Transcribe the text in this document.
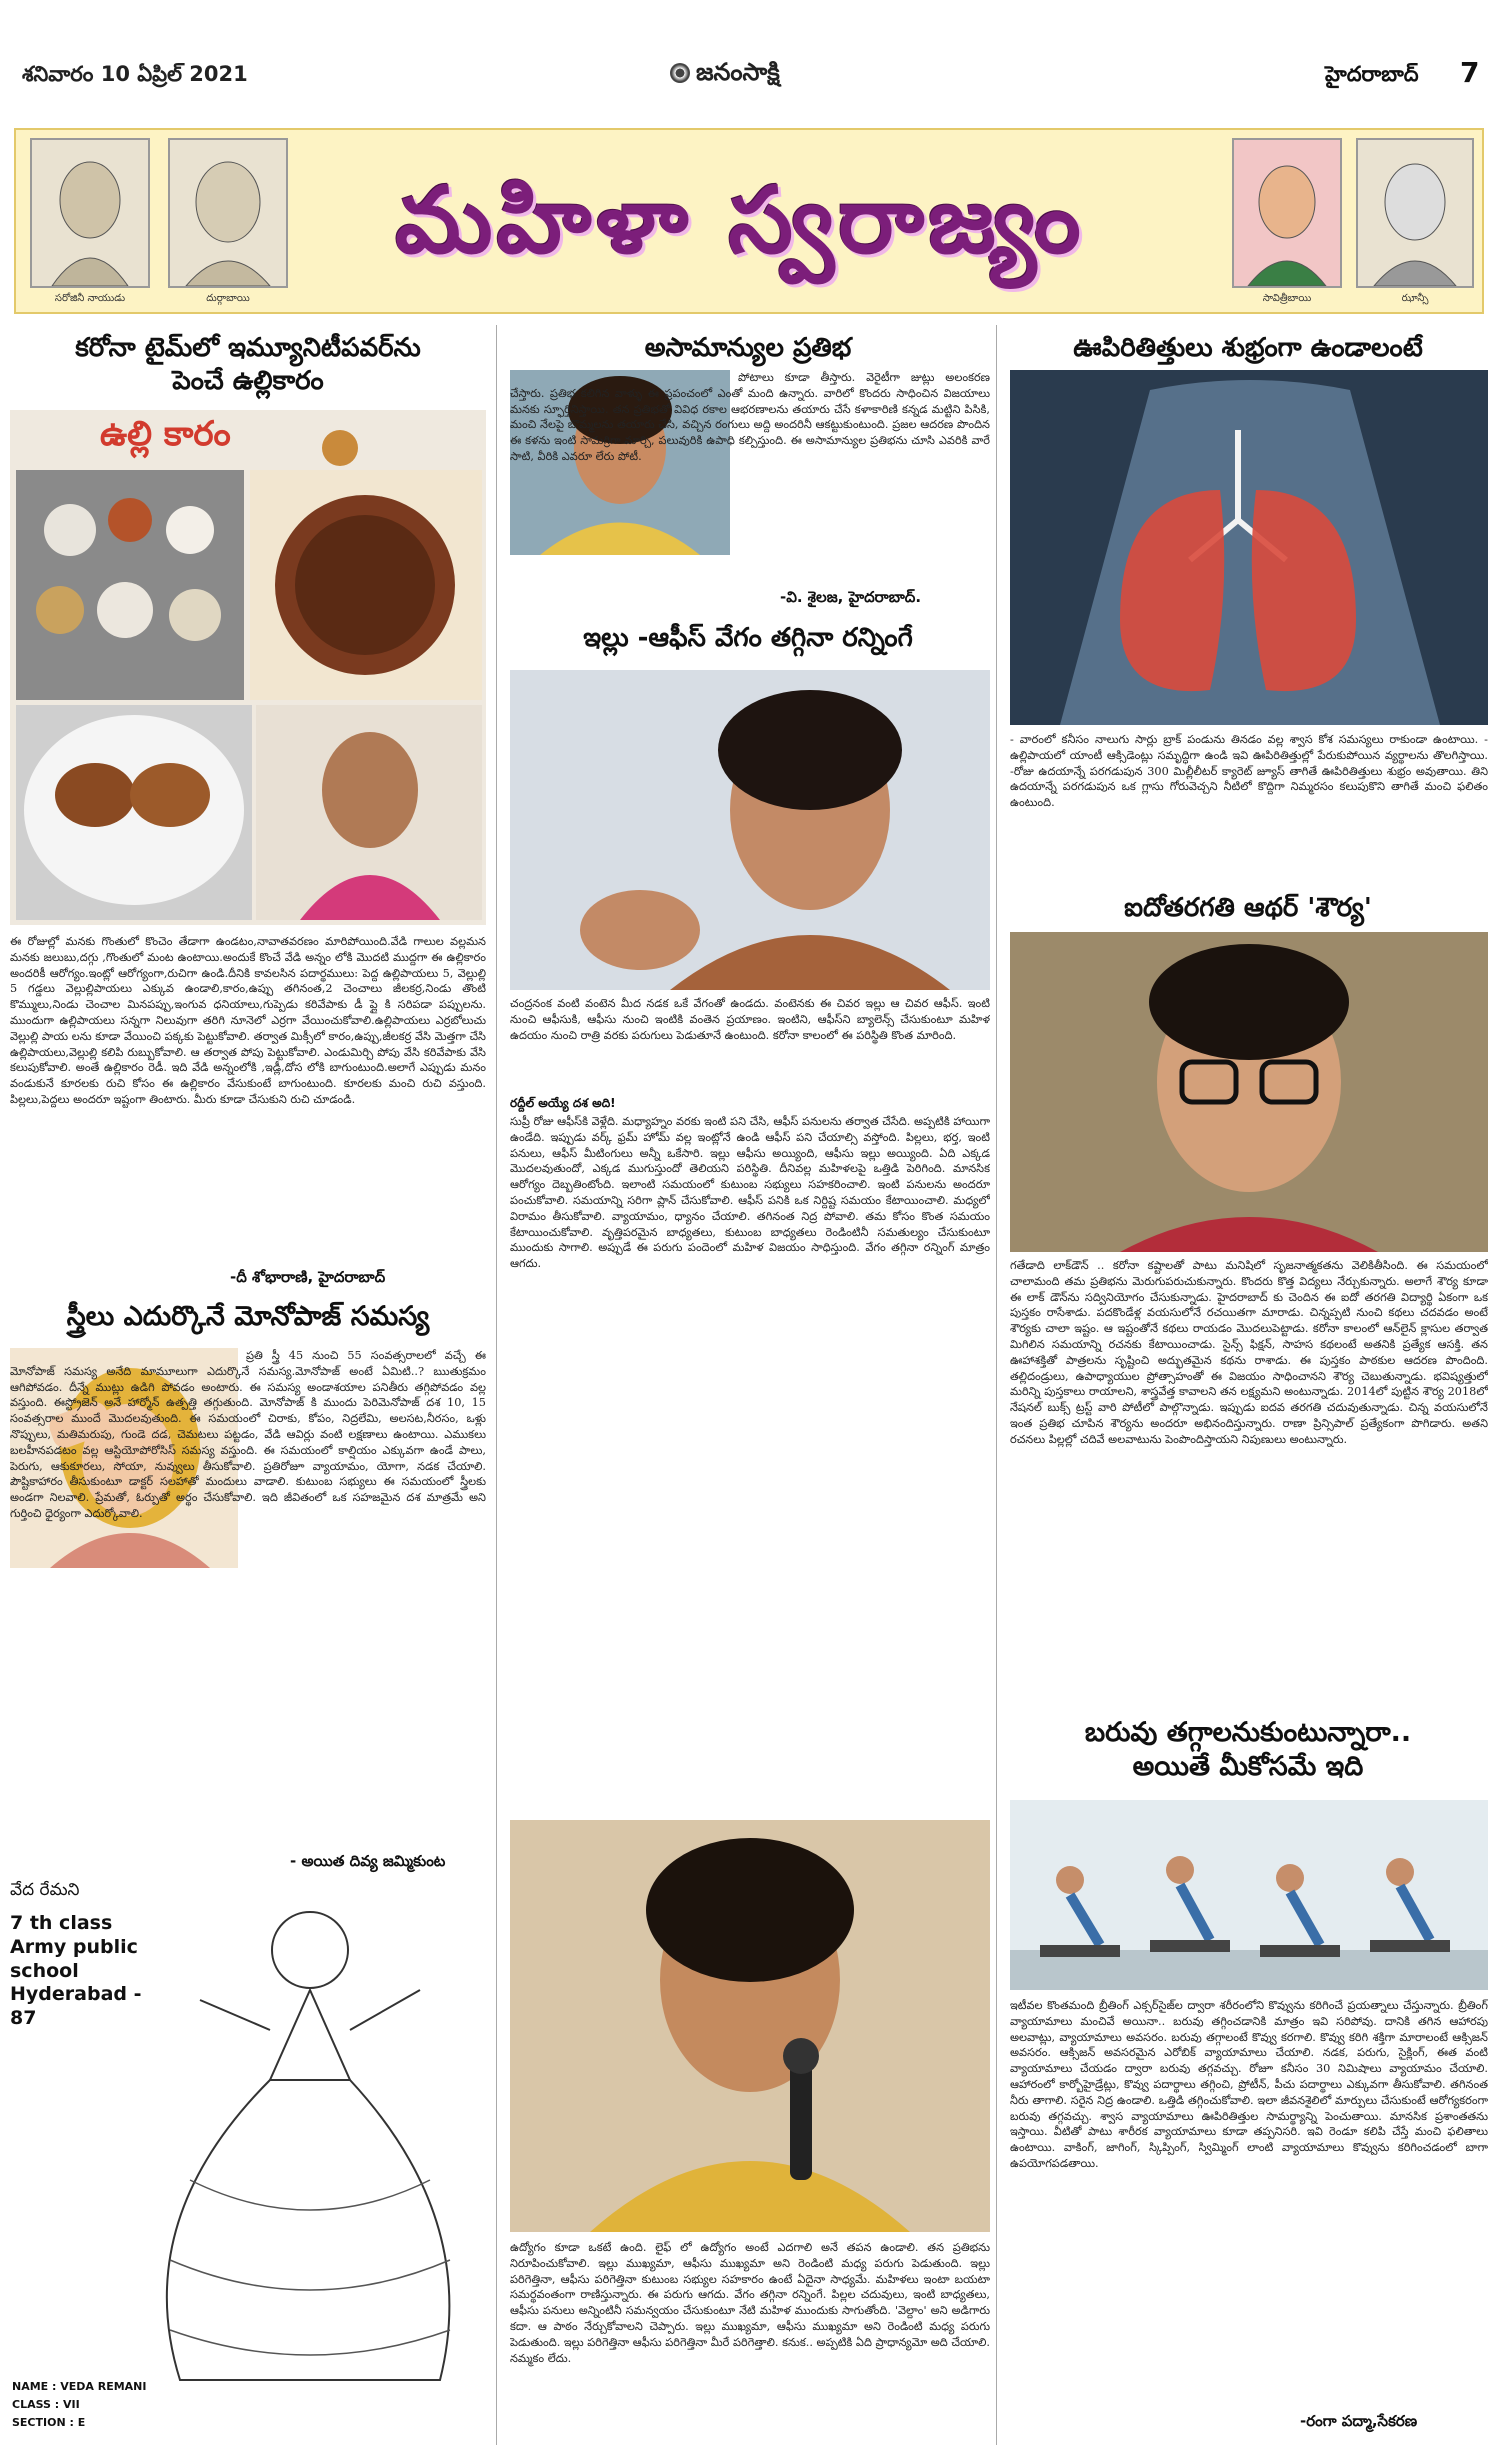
శనివారం 10 ఏప్రిల్ 2021	జనంసాక్షి	హైదరాబాద్ 7
సరోజినీ నాయుడు	దుర్గాబాయి
మహిళా స్వరాజ్యం
సావిత్రీబాయి	ఝాన్సీ
కరోనా టైమ్‌లో ఇమ్యూనిటీపవర్‌ను
పెంచే ఉల్లికారం
ఉల్లి కారం
ఈ రోజుల్లో మనకు గొంతులో కొంచెం తేడాగా ఉండటం,నావాతవరణం మారిపోయింది.వేడి గాలుల వల్లమన మనకు జలుబు,దగ్గు ,గొంతులో మంట ఉంటాయి.అందుకే కొంచే వేడి అన్నం లోకి మొదటి ముద్దగా ఈ ఉల్లికారం అందరికీ ఆరోగ్యం.ఇంట్లో ఆరోగ్యంగా,రుచిగా ఉండి.దీనికి కావలసిన పదార్థములు: పెద్ద ఉల్లిపాయలు 5, వెల్లుల్లి 5 గడ్డలు వెల్లుల్లిపాయలు ఎక్కువ ఉండాలి,కారం,ఉప్పు తగినంత,2 చెంచాలు జీలకర్ర,నిండు తొంటి కొమ్ములు,నిండు చెంచాల మినపప్పు,ఇంగువ ధనియాలు,గుప్పెడు కరివేపాకు డీ ప్లై కి సరిపడా పప్పులను. ముందుగా ఉల్లిపాయలు సన్నగా నిలువుగా తరిగి నూనెలో ఎర్రగా వేయించుకోవాలి.ఉల్లిపాయలు ఎర్రబోలుచు వెల్లుల్లి పాయ లను కూడా వేయించి పక్కకు పెట్టుకోవాలి. తర్వాత మిక్సీలో కారం,ఉప్పు,జీలకర్ర వేసి మెత్తగా చేసి ఉల్లిపాయలు,వెల్లుల్లి కలిపి రుబ్బుకోవాలి. ఆ తర్వాత పోపు పెట్టుకోవాలి. ఎండుమిర్చి పోపు వేసి కరివేపాకు వేసి కలుపుకోవాలి. అంతే ఉల్లికారం రెడీ. ఇది వేడి అన్నంలోకి ,ఇడ్లీ,దోస లోకి బాగుంటుంది.అలాగే ఎప్పుడు మనం వండుకునే కూరలకు రుచి కోసం ఈ ఉల్లికారం వేసుకుంటే బాగుంటుంది. కూరలకు మంచి రుచి వస్తుంది. పిల్లలు,పెద్దలు అందరూ ఇష్టంగా తింటారు. మీరు కూడా చేసుకుని రుచి చూడండి.
-దీ శోభారాణి, హైదరాబాద్
స్త్రీలు ఎదుర్కొనే మోనోపాజ్ సమస్య
ప్రతి స్త్రీ 45 నుంచి 55 సంవత్సరాలలో వచ్చే ఈ మోనోపాజ్ సమస్య అనేది మామూలుగా ఎదుర్కొనే సమస్య.మోనోపాజ్ అంటే ఏమిటి..? ఋతుక్రమం ఆగిపోవడం. దీన్నే ముట్లు ఉడిగి పోవడం అంటారు. ఈ సమస్య అండాశయాల పనితీరు తగ్గిపోవడం వల్ల వస్తుంది. ఈస్ట్రోజెన్ అనే హార్మోన్ ఉత్పత్తి తగ్గుతుంది. మోనోపాజ్ కి ముందు పెరిమెనోపాజ్ దశ 10, 15 సంవత్సరాల ముందే మొదలవుతుంది. ఈ సమయంలో చిరాకు, కోపం, నిద్రలేమి, అలసట,నీరసం, ఒళ్లు నొప్పులు, మతిమరుపు, గుండె దడ, చెమటలు పట్టడం, వేడి ఆవిర్లు వంటి లక్షణాలు ఉంటాయి. ఎముకలు బలహీనపడటం వల్ల ఆస్టియోపోరోసిస్ సమస్య వస్తుంది. ఈ సమయంలో కాల్షియం ఎక్కువగా ఉండే పాలు, పెరుగు, ఆకుకూరలు, సోయా, నువ్వులు తీసుకోవాలి. ప్రతిరోజూ వ్యాయామం, యోగా, నడక చేయాలి. పౌష్టికాహారం తీసుకుంటూ డాక్టర్ సలహాతో మందులు వాడాలి. కుటుంబ సభ్యులు ఈ సమయంలో స్త్రీలకు అండగా నిలవాలి. ప్రేమతో, ఓర్పుతో అర్థం చేసుకోవాలి. ఇది జీవితంలో ఒక సహజమైన దశ మాత్రమే అని గుర్తించి ధైర్యంగా ఎదుర్కోవాలి.
- అయిత దివ్య జమ్మికుంట
వేద రేమని
7 th class Army public school Hyderabad - 87
NAME : VEDA REMANI
CLASS : VII
SECTION : E
అసామాన్యుల ప్రతిభ
పోటాలు కూడా తీస్తారు. వెరైటీగా జుట్లు అలంకరణ చేస్తారు. ప్రతిభ కలిగిన వాళ్ళు ఈ ప్రపంచంలో ఎంతో మంది ఉన్నారు. వారిలో కొందరు సాధించిన విజయాలు మనకు స్ఫూర్తినిస్తాయి. తన ప్రతిభతో వివిధ రకాల ఆభరణాలను తయారు చేసే కళాకారిణి కన్నడ మట్టిని పిసికి, మంచి నేలపై బొమ్మలను తయారు చేసి, వచ్చిన రంగులు అద్ది అందరినీ ఆకట్టుకుంటుంది. ప్రజల ఆదరణ పొందిన ఈ కళను ఇంటి సామగ్రిగా మార్చి, పలువురికి ఉపాధి కల్పిస్తుంది. ఈ అసామాన్యుల ప్రతిభను చూసి ఎవరికి వారే సాటి, వీరికి ఎవరూ లేరు పోటీ.
-వి. శైలజ, హైదరాబాద్.
ఇల్లు -ఆఫీస్ వేగం తగ్గినా రన్నింగే
చంద్రనంక వంటి వంటెన మీద నడక ఒకే వేగంతో ఉండదు. వంటెనకు ఈ చివర ఇల్లు ఆ చివర ఆఫీస్. ఇంటి నుంచి ఆఫీసుకి, ఆఫీసు నుంచి ఇంటికి వంతెన ప్రయాణం. ఇంటిని, ఆఫీస్‌ని బ్యాలెన్స్ చేసుకుంటూ మహిళ ఉదయం నుంచి రాత్రి వరకు పరుగులు పెడుతూనే ఉంటుంది. కరోనా కాలంలో ఈ పరిస్థితి కొంత మారింది.
రద్దీల్ అయ్యే దశ అది!
సుప్రీ రోజు ఆఫీస్‌కి వెళ్లేది. మధ్యాహ్నం వరకు ఇంటి పని చేసి, ఆఫీస్‌ పనులను తర్వాత చేసేది. అప్పటికి హాయిగా ఉండేది. ఇప్పుడు వర్క్ ఫ్రమ్ హోమ్ వల్ల ఇంట్లోనే ఉండి ఆఫీస్ పని చేయాల్సి వస్తోంది. పిల్లలు, భర్త, ఇంటి పనులు, ఆఫీస్ మీటింగులు అన్నీ ఒకేసారి. ఇల్లు ఆఫీసు అయ్యింది, ఆఫీసు ఇల్లు అయ్యింది. ఏది ఎక్కడ మొదలవుతుందో, ఎక్కడ ముగుస్తుందో తెలియని పరిస్థితి. దీనివల్ల మహిళలపై ఒత్తిడి పెరిగింది. మానసిక ఆరోగ్యం దెబ్బతింటోంది. ఇలాంటి సమయంలో కుటుంబ సభ్యులు సహకరించాలి. ఇంటి పనులను అందరూ పంచుకోవాలి. సమయాన్ని సరిగా ప్లాన్ చేసుకోవాలి. ఆఫీస్ పనికి ఒక నిర్దిష్ట సమయం కేటాయించాలి. మధ్యలో విరామం తీసుకోవాలి. వ్యాయామం, ధ్యానం చేయాలి. తగినంత నిద్ర పోవాలి. తమ కోసం కొంత సమయం కేటాయించుకోవాలి. వృత్తిపరమైన బాధ్యతలు, కుటుంబ బాధ్యతలు రెండింటినీ సమతుల్యం చేసుకుంటూ ముందుకు సాగాలి. అప్పుడే ఈ పరుగు పందెంలో మహిళ విజయం సాధిస్తుంది. వేగం తగ్గినా రన్నింగ్ మాత్రం ఆగదు.
ఉద్యోగం కూడా ఒకటే ఉంది. లైఫ్ లో ఉద్యోగం అంటే ఎదగాలి అనే తపన ఉండాలి. తన ప్రతిభను నిరూపించుకోవాలి. ఇల్లు ముఖ్యమా, ఆఫీసు ముఖ్యమా అని రెండింటి మధ్య పరుగు పెడుతుంది. ఇల్లు పరిగెత్తినా, ఆఫీసు పరిగెత్తినా కుటుంబ సభ్యుల సహకారం ఉంటే ఏదైనా సాధ్యమే. మహిళలు ఇంటా బయటా సమర్థవంతంగా రాణిస్తున్నారు. ఈ పరుగు ఆగదు. వేగం తగ్గినా రన్నింగే. పిల్లల చదువులు, ఇంటి బాధ్యతలు, ఆఫీసు పనులు అన్నింటినీ సమన్వయం చేసుకుంటూ నేటి మహిళ ముందుకు సాగుతోంది. 'వెల్దాం' అని అడిగారు కదా. ఆ పాఠం నేర్చుకోవాలని చెప్పారు. ఇల్లు ముఖ్యమా, ఆఫీసు ముఖ్యమా అని రెండింటి మధ్య పరుగు పెడుతుంది. ఇల్లు పరిగెత్తినా ఆఫీసు పరిగెత్తినా మీరే పరిగెత్తాలి. కనుక.. అప్పటికి ఏది ప్రాధాన్యమో అది చేయాలి. నమ్మకం లేదు.
ఊపిరితిత్తులు శుభ్రంగా ఉండాలంటే
- వారంలో కనీసం నాలుగు సార్లు బ్రాక్ పండును తినడం వల్ల శ్వాస కోశ సమస్యలు రాకుండా ఉంటాయి. - ఉల్లిపాయలో యాంటీ ఆక్సిడెంట్లు సమృద్ధిగా ఉండి ఇవి ఊపిరితిత్తుల్లో పేరుకుపోయిన వ్యర్థాలను తొలగిస్తాయి. -రోజు ఉదయాన్నే పరగడుపున 300 మిల్లీలీటర్ క్యారెట్ జ్యూస్ తాగితే ఊపిరితిత్తులు శుభ్రం అవుతాయి. తిని ఉదయాన్నే పరగడుపున ఒక గ్లాసు గోరువెచ్చని నీటిలో కొద్దిగా నిమ్మరసం కలుపుకొని తాగితే మంచి ఫలితం ఉంటుంది.
ఐదోతరగతి ఆథర్ 'శౌర్య'
గతేడాది లాక్‌డౌన్ .. కరోనా కష్టాలతో పాటు మనిషిలో సృజనాత్మకతను వెలికితీసింది. ఈ సమయంలో చాలామంది తమ ప్రతిభను మెరుగుపరుచుకున్నారు. కొందరు కొత్త విద్యలు నేర్చుకున్నారు. అలాగే శౌర్య కూడా ఈ లాక్ డౌన్‌ను సద్వినియోగం చేసుకున్నాడు. హైదరాబాద్ కు చెందిన ఈ ఐదో తరగతి విద్యార్థి ఏకంగా ఒక పుస్తకం రాసేశాడు. పదకొండేళ్ల వయసులోనే రచయితగా మారాడు. చిన్నప్పటి నుంచి కథలు చదవడం అంటే శౌర్యకు చాలా ఇష్టం. ఆ ఇష్టంతోనే కథలు రాయడం మొదలుపెట్టాడు. కరోనా కాలంలో ఆన్‌లైన్ క్లాసుల తర్వాత మిగిలిన సమయాన్ని రచనకు కేటాయించాడు. సైన్స్ ఫిక్షన్, సాహస కథలంటే అతనికి ప్రత్యేక ఆసక్తి. తన ఊహాశక్తితో పాత్రలను సృష్టించి అద్భుతమైన కథను రాశాడు. ఈ పుస్తకం పాఠకుల ఆదరణ పొందింది. తల్లిదండ్రులు, ఉపాధ్యాయుల ప్రోత్సాహంతో ఈ విజయం సాధించానని శౌర్య చెబుతున్నాడు. భవిష్యత్తులో మరిన్ని పుస్తకాలు రాయాలని, శాస్త్రవేత్త కావాలని తన లక్ష్యమని అంటున్నాడు. 2014లో పుట్టిన శౌర్య 2018లో నేషనల్ బుక్స్ ట్రస్ట్ వారి పోటీలో పాల్గొన్నాడు. ఇప్పుడు ఐదవ తరగతి చదువుతున్నాడు. చిన్న వయసులోనే ఇంత ప్రతిభ చూపిన శౌర్యను అందరూ అభినందిస్తున్నారు. రాణా ప్రిన్సిపాల్ ప్రత్యేకంగా పొగిడారు. అతని రచనలు పిల్లల్లో చదివే అలవాటును పెంపొందిస్తాయని నిపుణులు అంటున్నారు.
బరువు తగ్గాలనుకుంటున్నారా..
అయితే మీకోసమే ఇది
ఇటీవల కొంతమంది బ్రీతింగ్ ఎక్సర్‌సైజ్‌ల ద్వారా శరీరంలోని కొవ్వును కరిగించే ప్రయత్నాలు చేస్తున్నారు. బ్రీతింగ్ వ్యాయామాలు మంచివే అయినా.. బరువు తగ్గించడానికి మాత్రం ఇవి సరిపోవు. దానికి తగిన ఆహారపు అలవాట్లు, వ్యాయామాలు అవసరం. బరువు తగ్గాలంటే కొవ్వు కరగాలి. కొవ్వు కరిగి శక్తిగా మారాలంటే ఆక్సిజన్ అవసరం. ఆక్సిజన్ అవసరమైన ఎరోబిక్ వ్యాయామాలు చేయాలి. నడక, పరుగు, సైక్లింగ్, ఈత వంటి వ్యాయామాలు చేయడం ద్వారా బరువు తగ్గవచ్చు. రోజూ కనీసం 30 నిమిషాలు వ్యాయామం చేయాలి. ఆహారంలో కార్బోహైడ్రేట్లు, కొవ్వు పదార్థాలు తగ్గించి, ప్రోటీన్, పీచు పదార్థాలు ఎక్కువగా తీసుకోవాలి. తగినంత నీరు తాగాలి. సరైన నిద్ర ఉండాలి. ఒత్తిడి తగ్గించుకోవాలి. ఇలా జీవనశైలిలో మార్పులు చేసుకుంటే ఆరోగ్యకరంగా బరువు తగ్గవచ్చు. శ్వాస వ్యాయామాలు ఊపిరితిత్తుల సామర్థ్యాన్ని పెంచుతాయి. మానసిక ప్రశాంతతను ఇస్తాయి. వీటితో పాటు శారీరక వ్యాయామాలు కూడా తప్పనిసరి. ఇవి రెండూ కలిపి చేస్తే మంచి ఫలితాలు ఉంటాయి. వాకింగ్, జాగింగ్, స్కిప్పింగ్, స్విమ్మింగ్ లాంటి వ్యాయామాలు కొవ్వును కరిగించడంలో బాగా ఉపయోగపడతాయి.
-రంగా పద్మా,సేకరణ
